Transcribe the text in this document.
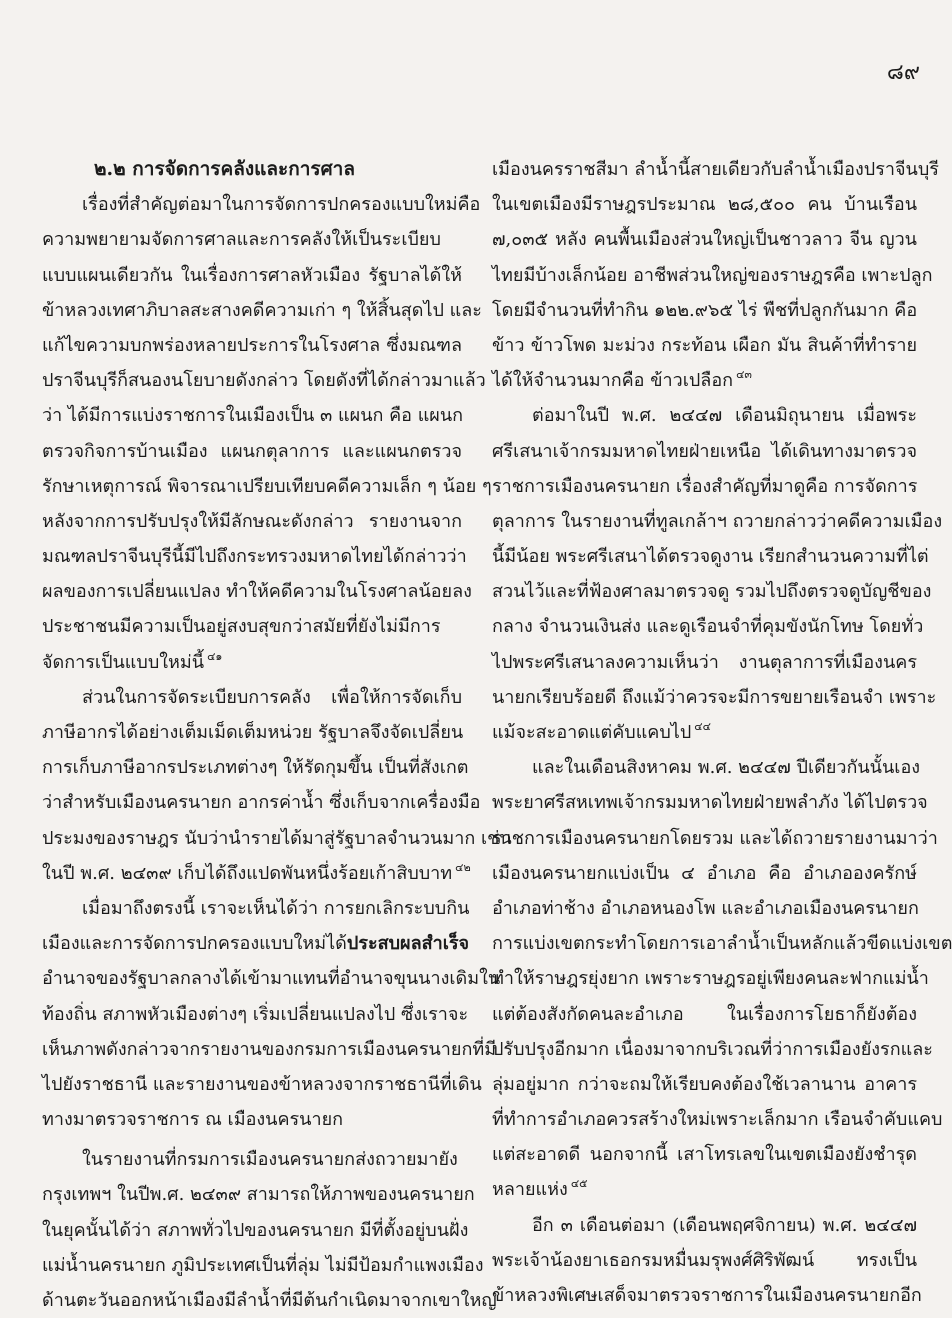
๘๙
๒.๒ การจัดการคลังและการศาล
เรื่องที่สำคัญต่อมาในการจัดการปกครองแบบใหม่คือ
ความพยายามจัดการศาลและการคลังให้เป็นระเบียบ
แบบแผนเดียวกัน ในเรื่องการศาลหัวเมือง รัฐบาลได้ให้
ข้าหลวงเทศาภิบาลสะสางคดีความเก่า ๆ ให้สิ้นสุดไป และ
แก้ไขความบกพร่องหลายประการในโรงศาล ซึ่งมณฑล
ปราจีนบุรีก็สนองนโยบายดังกล่าว โดยดังที่ได้กล่าวมาแล้ว
ว่า ได้มีการแบ่งราชการในเมืองเป็น ๓ แผนก คือ แผนก
ตรวจกิจการบ้านเมือง แผนกตุลาการ และแผนกตรวจ
รักษาเหตุการณ์ พิจารณาเปรียบเทียบคดีความเล็ก ๆ น้อย ๆ
หลังจากการปรับปรุงให้มีลักษณะดังกล่าว รายงานจาก
มณฑลปราจีนบุรีนี้มีไปถึงกระทรวงมหาดไทยได้กล่าวว่า
ผลของการเปลี่ยนแปลง ทำให้คดีความในโรงศาลน้อยลง
ประชาชนมีความเป็นอยู่สงบสุขกว่าสมัยที่ยังไม่มีการ
จัดการเป็นแบบใหม่นี้ $^{๔๑}$
ส่วนในการจัดระเบียบการคลัง เพื่อให้การจัดเก็บ
ภาษีอากรได้อย่างเต็มเม็ดเต็มหน่วย รัฐบาลจึงจัดเปลี่ยน
การเก็บภาษีอากรประเภทต่างๆ ให้รัดกุมขึ้น เป็นที่สังเกต
ว่าสำหรับเมืองนครนายก อากรค่าน้ำ ซึ่งเก็บจากเครื่องมือ
ประมงของราษฎร นับว่านำรายได้มาสู่รัฐบาลจำนวนมาก เช่น
ในปี พ.ศ. ๒๔๓๙ เก็บได้ถึงแปดพันหนึ่งร้อยเก้าสิบบาท $^{๔๒}$
เมื่อมาถึงตรงนี้ เราจะเห็นได้ว่า การยกเลิกระบบกิน
เมืองและการจัดการปกครองแบบใหม่ได้ประสบผลสำเร็จ
อำนาจของรัฐบาลกลางได้เข้ามาแทนที่อำนาจขุนนางเดิมใน
ท้องถิ่น สภาพหัวเมืองต่างๆ เริ่มเปลี่ยนแปลงไป ซึ่งเราจะ
เห็นภาพดังกล่าวจากรายงานของกรมการเมืองนครนายกที่มี
ไปยังราชธานี และรายงานของข้าหลวงจากราชธานีที่เดิน
ทางมาตรวจราชการ ณ เมืองนครนายก
ในรายงานที่กรมการเมืองนครนายกส่งถวายมายัง
กรุงเทพฯ ในปีพ.ศ. ๒๔๓๙ สามารถให้ภาพของนครนายก
ในยุคนั้นได้ว่า สภาพทั่วไปของนครนายก มีที่ตั้งอยู่บนฝั่ง
แม่น้ำนครนายก ภูมิประเทศเป็นที่ลุ่ม ไม่มีป้อมกำแพงเมือง
ด้านตะวันออกหน้าเมืองมีลำน้ำที่มีต้นกำเนิดมาจากเขาใหญ่
เมืองนครราชสีมา ลำน้ำนี้สายเดียวกับลำน้ำเมืองปราจีนบุรี
ในเขตเมืองมีราษฎรประมาณ ๒๘,๕๐๐ คน บ้านเรือน
๗,๐๓๕ หลัง คนพื้นเมืองส่วนใหญ่เป็นชาวลาว จีน ญวน
ไทยมีบ้างเล็กน้อย อาชีพส่วนใหญ่ของราษฎรคือ เพาะปลูก
โดยมีจำนวนที่ทำกิน ๑๒๒.๙๖๕ ไร่ พืชที่ปลูกกันมาก คือ
ข้าว ข้าวโพด มะม่วง กระท้อน เผือก มัน สินค้าที่ทำราย
ได้ให้จำนวนมากคือ ข้าวเปลือก $^{๔๓}$
ต่อมาในปี พ.ศ. ๒๔๔๗ เดือนมิถุนายน เมื่อพระ
ศรีเสนาเจ้ากรมมหาดไทยฝ่ายเหนือ ได้เดินทางมาตรวจ
ราชการเมืองนครนายก เรื่องสำคัญที่มาดูคือ การจัดการ
ตุลาการ ในรายงานที่ทูลเกล้าฯ ถวายกล่าวว่าคดีความเมือง
นี้มีน้อย พระศรีเสนาได้ตรวจดูงาน เรียกสำนวนความที่ไต่
สวนไว้และที่ฟ้องศาลมาตรวจดู รวมไปถึงตรวจดูบัญชีของ
กลาง จำนวนเงินส่ง และดูเรือนจำที่คุมขังนักโทษ โดยทั่ว
ไปพระศรีเสนาลงความเห็นว่า งานตุลาการที่เมืองนคร
นายกเรียบร้อยดี ถึงแม้ว่าควรจะมีการขยายเรือนจำ เพราะ
แม้จะสะอาดแต่คับแคบไป $^{๔๔}$
และในเดือนสิงหาคม พ.ศ. ๒๔๔๗ ปีเดียวกันนั้นเอง
พระยาศรีสหเทพเจ้ากรมมหาดไทยฝ่ายพลำภัง ได้ไปตรวจ
ราชการเมืองนครนายกโดยรวม และได้ถวายรายงานมาว่า
เมืองนครนายกแบ่งเป็น ๔ อำเภอ คือ อำเภอองครักษ์
อำเภอท่าช้าง อำเภอหนองโพ และอำเภอเมืองนครนายก
การแบ่งเขตกระทำโดยการเอาลำน้ำเป็นหลักแล้วขีดแบ่งเขต
ทำให้ราษฎรยุ่งยาก เพราะราษฎรอยู่เพียงคนละฟากแม่น้ำ
แต่ต้องสังกัดคนละอำเภอ ในเรื่องการโยธาก็ยังต้อง
ปรับปรุงอีกมาก เนื่องมาจากบริเวณที่ว่าการเมืองยังรกและ
ลุ่มอยู่มาก กว่าจะถมให้เรียบคงต้องใช้เวลานาน อาคาร
ที่ทำการอำเภอควรสร้างใหม่เพราะเล็กมาก เรือนจำคับแคบ
แต่สะอาดดี นอกจากนี้ เสาโทรเลขในเขตเมืองยังชำรุด
หลายแห่ง $^{๔๕}$
อีก ๓ เดือนต่อมา (เดือนพฤศจิกายน) พ.ศ. ๒๔๔๗
พระเจ้าน้องยาเธอกรมหมื่นมรุพงศ์ศิริพัฒน์ ทรงเป็น
ข้าหลวงพิเศษเสด็จมาตรวจราชการในเมืองนครนายกอีก
